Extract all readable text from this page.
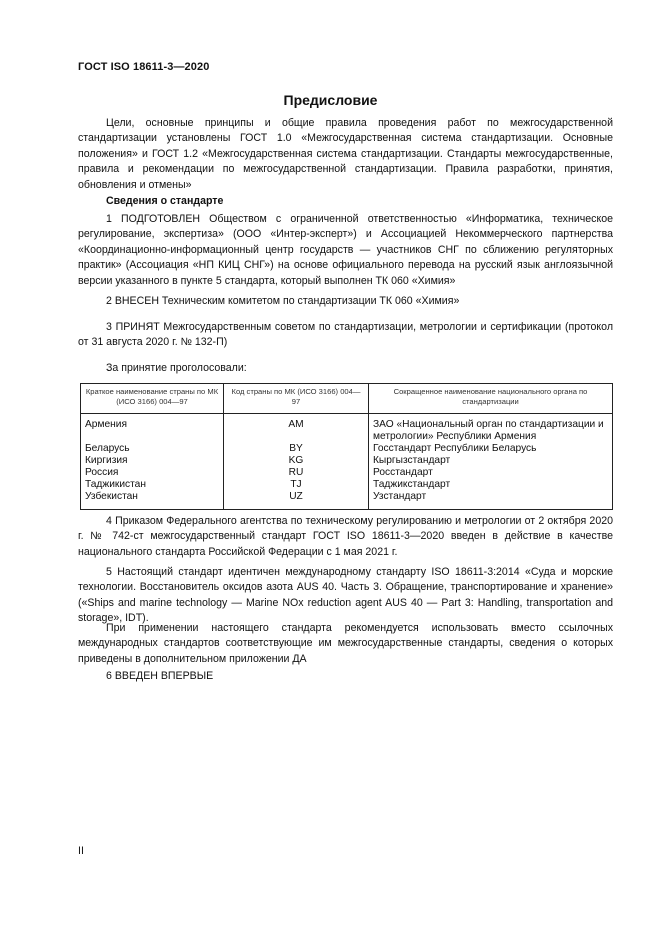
ГОСТ ISO 18611-3—2020
Предисловие

Цели, основные принципы и общие правила проведения работ по межгосударственной стандартизации установлены ГОСТ 1.0 «Межгосударственная система стандартизации. Основные положения» и ГОСТ 1.2 «Межгосударственная система стандартизации. Стандарты межгосударственные, правила и рекомендации по межгосударственной стандартизации. Правила разработки, принятия, обновления и отмены»

Сведения о стандарте

1 ПОДГОТОВЛЕН Обществом с ограниченной ответственностью «Информатика, техническое регулирование, экспертиза» (ООО «Интер-эксперт») и Ассоциацией Некоммерческого партнерства «Координационно-информационный центр государств — участников СНГ по сближению регуляторных практик» (Ассоциация «НП КИЦ СНГ») на основе официального перевода на русский язык англоязычной версии указанного в пункте 5 стандарта, который выполнен ТК 060 «Химия»

2 ВНЕСЕН Техническим комитетом по стандартизации ТК 060 «Химия»

3 ПРИНЯТ Межгосударственным советом по стандартизации, метрологии и сертификации (протокол от 31 августа 2020 г. № 132-П)

За принятие проголосовали:
Краткое наименование страны по МК (ИСО 3166) 004—97	Код страны по МК (ИСО 3166) 004—97	Сокращенное наименование национального органа по стандартизации
Армения	AM	ЗАО «Национальный орган по стандартизации и метрологии» Республики Армения
Беларусь	BY	Госстандарт Республики Беларусь
Киргизия	KG	Кыргызстандарт
Россия	RU	Росстандарт
Таджикистан	TJ	Таджикстандарт
Узбекистан	UZ	Узстандарт

4 Приказом Федерального агентства по техническому регулированию и метрологии от 2 октября 2020 г. № 742-ст межгосударственный стандарт ГОСТ ISO 18611-3—2020 введен в действие в качестве национального стандарта Российской Федерации с 1 мая 2021 г.

5 Настоящий стандарт идентичен международному стандарту ISO 18611-3:2014 «Суда и морские технологии. Восстановитель оксидов азота AUS 40. Часть 3. Обращение, транспортирование и хранение» («Ships and marine technology — Marine NOx reduction agent AUS 40 — Part 3: Handling, transportation and storage», IDT).

При применении настоящего стандарта рекомендуется использовать вместо ссылочных международных стандартов соответствующие им межгосударственные стандарты, сведения о которых приведены в дополнительном приложении ДА

6 ВВЕДЕН ВПЕРВЫЕ
II
